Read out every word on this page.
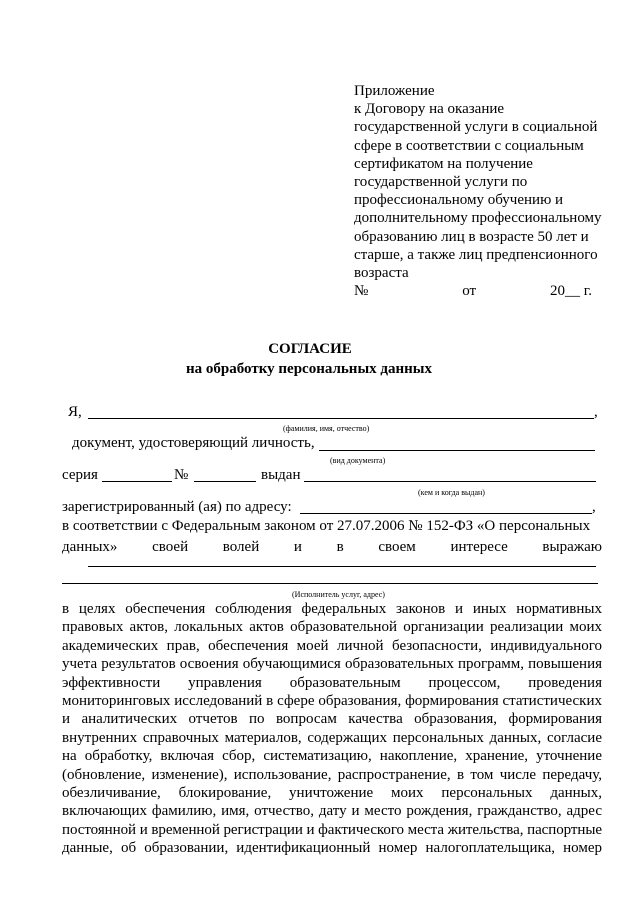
Приложение
к Договору на оказание
государственной услуги в социальной
сфере в соответствии с социальным
сертификатом на получение
государственной услуги по
профессиональному обучению и
дополнительному профессиональному
образованию лиц в возрасте 50 лет и
старше, а также лиц предпенсионного
возраста
№	от	20__ г.
СОГЛАСИЕ
на обработку персональных данных
Я,	,
(фамилия, имя, отчество)
документ, удостоверяющий личность,
(вид документа)
серия	№	выдан
(кем и когда выдан)
зарегистрированный (ая) по адресу:	,
в соответствии с Федеральным законом от 27.07.2006 № 152-ФЗ «О персональных
данных» своей волей и в своем интересе выражаю
(Исполнитель услуг, адрес)
в целях обеспечения соблюдения федеральных законов и иных нормативных
правовых актов, локальных актов образовательной организации реализации моих
академических прав, обеспечения моей личной безопасности, индивидуального
учета результатов освоения обучающимися образовательных программ, повышения
эффективности управления образовательным процессом, проведения
мониторинговых исследований в сфере образования, формирования статистических
и аналитических отчетов по вопросам качества образования, формирования
внутренних справочных материалов, содержащих персональных данных, согласие
на обработку, включая сбор, систематизацию, накопление, хранение, уточнение
(обновление, изменение), использование, распространение, в том числе передачу,
обезличивание, блокирование, уничтожение моих персональных данных,
включающих фамилию, имя, отчество, дату и место рождения, гражданство, адрес
постоянной и временной регистрации и фактического места жительства, паспортные
данные, об образовании, идентификационный номер налогоплательщика, номер
